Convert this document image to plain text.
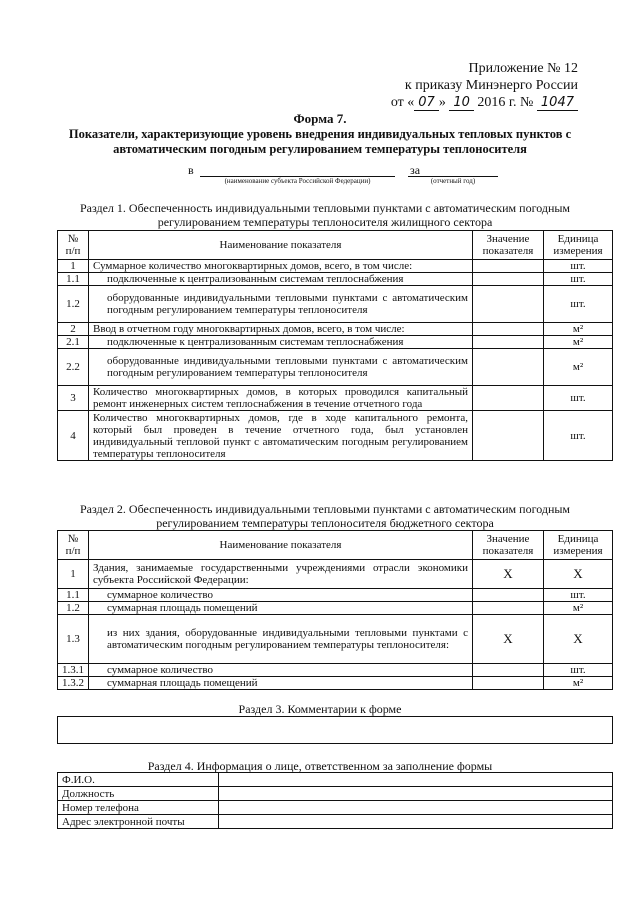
Приложение № 12
к приказу Минэнерго России
от « 07 » 10 2016 г. № 1047
Форма 7.
Показатели, характеризующие уровень внедрения индивидуальных тепловых пунктов с автоматическим погодным регулированием температуры теплоносителя
в	за
(наименование субъекта Российской Федерации)	(отчетный год)
Раздел 1. Обеспеченность индивидуальными тепловыми пунктами с автоматическим погодным регулированием температуры теплоносителя жилищного сектора
№ п/п	Наименование показателя	Значение показателя	Единица измерения
1	Суммарное количество многоквартирных домов, всего, в том числе:		шт.
1.1	подключенные к централизованным системам теплоснабжения		шт.
1.2	оборудованные индивидуальными тепловыми пунктами с автоматическим погодным регулированием температуры теплоносителя		шт.
2	Ввод в отчетном году многоквартирных домов, всего, в том числе:		м²
2.1	подключенные к централизованным системам теплоснабжения		м²
2.2	оборудованные индивидуальными тепловыми пунктами с автоматическим погодным регулированием температуры теплоносителя		м²
3	Количество многоквартирных домов, в которых проводился капитальный ремонт инженерных систем теплоснабжения в течение отчетного года		шт.
4	Количество многоквартирных домов, где в ходе капитального ремонта, который был проведен в течение отчетного года, был установлен индивидуальный тепловой пункт с автоматическим погодным регулированием температуры теплоносителя		шт.
Раздел 2. Обеспеченность индивидуальными тепловыми пунктами с автоматическим погодным регулированием температуры теплоносителя бюджетного сектора
№ п/п	Наименование показателя	Значение показателя	Единица измерения
1	Здания, занимаемые государственными учреждениями отрасли экономики субъекта Российской Федерации:	X	X
1.1	суммарное количество		шт.
1.2	суммарная площадь помещений		м²
1.3	из них здания, оборудованные индивидуальными тепловыми пунктами с автоматическим погодным регулированием температуры теплоносителя:	X	X
1.3.1	суммарное количество		шт.
1.3.2	суммарная площадь помещений		м²
Раздел 3. Комментарии к форме
Раздел 4. Информация о лице, ответственном за заполнение формы
Ф.И.О.	
Должность	
Номер телефона	
Адрес электронной почты	
